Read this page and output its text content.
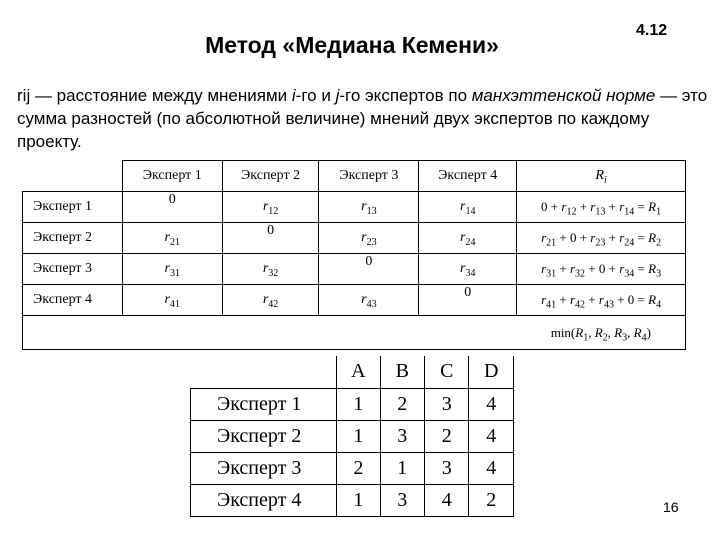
Метод «Медиана Кемени»
4.12
rij — расстояние между мнениями i-го и j-го экспертов по манхэттенской норме — это сумма разностей (по абсолютной величине) мнений двух экспертов по каждому проекту.
	Эксперт 1	Эксперт 2	Эксперт 3	Эксперт 4	$R_i$
Эксперт 1	0	$r_{12}$	$r_{13}$	$r_{14}$	$0 + r_{12} + r_{13} + r_{14} = R_1$
Эксперт 2	$r_{21}$	0	$r_{23}$	$r_{24}$	$r_{21} + 0 + r_{23} + r_{24} = R_2$
Эксперт 3	$r_{31}$	$r_{32}$	0	$r_{34}$	$r_{31} + r_{32} + 0 + r_{34} = R_3$
Эксперт 4	$r_{41}$	$r_{42}$	$r_{43}$	0	$r_{41} + r_{42} + r_{43} + 0 = R_4$
					$\min(R_1$, $R_2$, $R_3$, $R_4$)
	A	B	C	D
Эксперт 1	1	2	3	4
Эксперт 2	1	3	2	4
Эксперт 3	2	1	3	4
Эксперт 4	1	3	4	2	16
